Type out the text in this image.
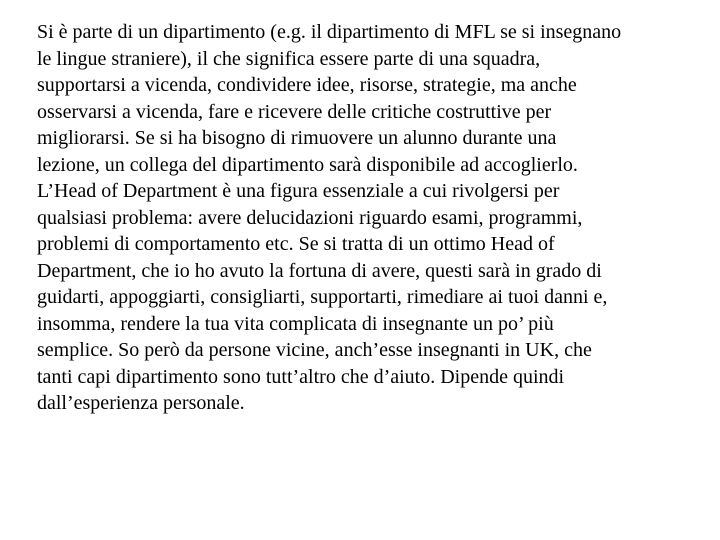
Si è parte di un dipartimento (e.g. il dipartimento di MFL se si insegnano
le lingue straniere), il che significa essere parte di una squadra,
supportarsi a vicenda, condividere idee, risorse, strategie, ma anche
osservarsi a vicenda, fare e ricevere delle critiche costruttive per
migliorarsi. Se si ha bisogno di rimuovere un alunno durante una
lezione, un collega del dipartimento sarà disponibile ad accoglierlo.
L’Head of Department è una figura essenziale a cui rivolgersi per
qualsiasi problema: avere delucidazioni riguardo esami, programmi,
problemi di comportamento etc. Se si tratta di un ottimo Head of
Department, che io ho avuto la fortuna di avere, questi sarà in grado di
guidarti, appoggiarti, consigliarti, supportarti, rimediare ai tuoi danni e,
insomma, rendere la tua vita complicata di insegnante un po’ più
semplice. So però da persone vicine, anch’esse insegnanti in UK, che
tanti capi dipartimento sono tutt’altro che d’aiuto. Dipende quindi
dall’esperienza personale.
